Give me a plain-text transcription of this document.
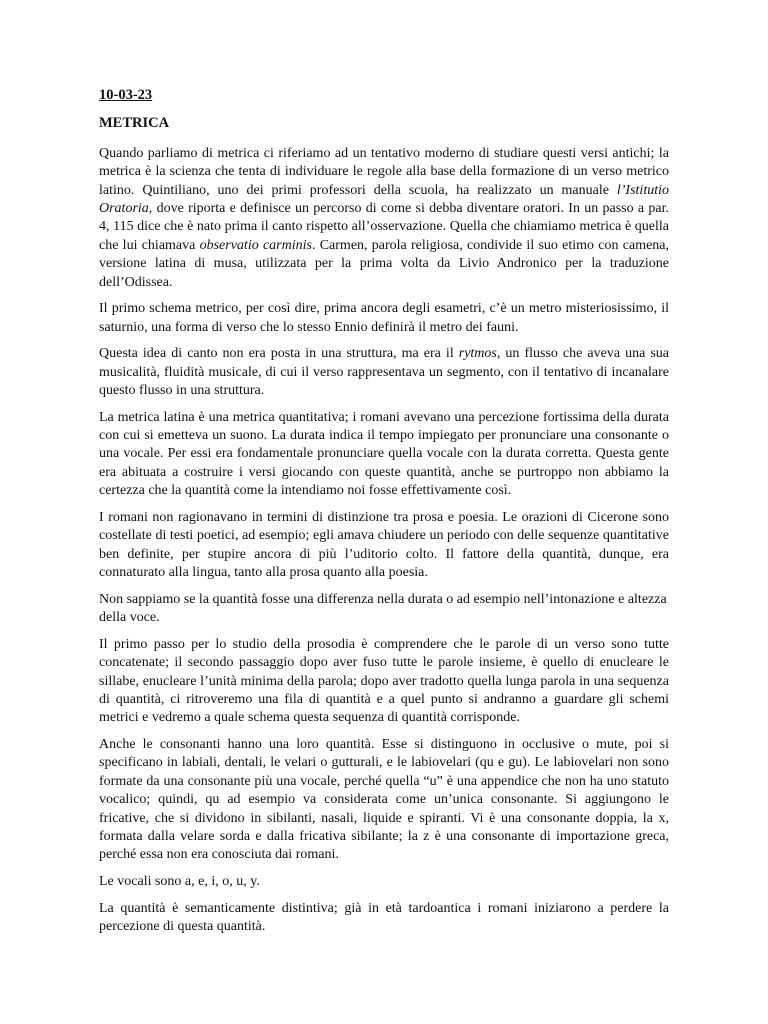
10-03-23
METRICA

Quando parliamo di metrica ci riferiamo ad un tentativo moderno di studiare questi versi antichi; la metrica è la scienza che tenta di individuare le regole alla base della formazione di un verso metrico latino. Quintiliano, uno dei primi professori della scuola, ha realizzato un manuale l’Istitutio Oratoria, dove riporta e definisce un percorso di come si debba diventare oratori. In un passo a par. 4, 115 dice che è nato prima il canto rispetto all’osservazione. Quella che chiamiamo metrica è quella che lui chiamava observatio carminis. Carmen, parola religiosa, condivide il suo etimo con camena, versione latina di musa, utilizzata per la prima volta da Livio Andronico per la traduzione dell’Odissea.

Il primo schema metrico, per così dire, prima ancora degli esametri, c’è un metro misteriosissimo, il saturnio, una forma di verso che lo stesso Ennio definirà il metro dei fauni.

Questa idea di canto non era posta in una struttura, ma era il rytmos, un flusso che aveva una sua musicalità, fluidità musicale, di cui il verso rappresentava un segmento, con il tentativo di incanalare questo flusso in una struttura.

La metrica latina è una metrica quantitativa; i romani avevano una percezione fortissima della durata con cui si emetteva un suono. La durata indica il tempo impiegato per pronunciare una consonante o una vocale. Per essi era fondamentale pronunciare quella vocale con la durata corretta. Questa gente era abituata a costruire i versi giocando con queste quantità, anche se purtroppo non abbiamo la certezza che la quantità come la intendiamo noi fosse effettivamente così.

I romani non ragionavano in termini di distinzione tra prosa e poesia. Le orazioni di Cicerone sono costellate di testi poetici, ad esempio; egli amava chiudere un periodo con delle sequenze quantitative ben definite, per stupire ancora di più l’uditorio colto. Il fattore della quantità, dunque, era connaturato alla lingua, tanto alla prosa quanto alla poesia.

Non sappiamo se la quantità fosse una differenza nella durata o ad esempio nell’intonazione e altezza della voce.

Il primo passo per lo studio della prosodia è comprendere che le parole di un verso sono tutte concatenate; il secondo passaggio dopo aver fuso tutte le parole insieme, è quello di enucleare le sillabe, enucleare l’unità minima della parola; dopo aver tradotto quella lunga parola in una sequenza di quantità, ci ritroveremo una fila di quantità e a quel punto si andranno a guardare gli schemi metrici e vedremo a quale schema questa sequenza di quantità corrisponde.

Anche le consonanti hanno una loro quantità. Esse si distinguono in occlusive o mute, poi si specificano in labiali, dentali, le velari o gutturali, e le labiovelari (qu e gu). Le labiovelari non sono formate da una consonante più una vocale, perché quella “u” è una appendice che non ha uno statuto vocalico; quindi, qu ad esempio va considerata come un’unica consonante. Si aggiungono le fricative, che si dividono in sibilanti, nasali, liquide e spiranti. Vi è una consonante doppia, la x, formata dalla velare sorda e dalla fricativa sibilante; la z è una consonante di importazione greca, perché essa non era conosciuta dai romani.

Le vocali sono a, e, i, o, u, y.

La quantità è semanticamente distintiva; già in età tardoantica i romani iniziarono a perdere la percezione di questa quantità.
